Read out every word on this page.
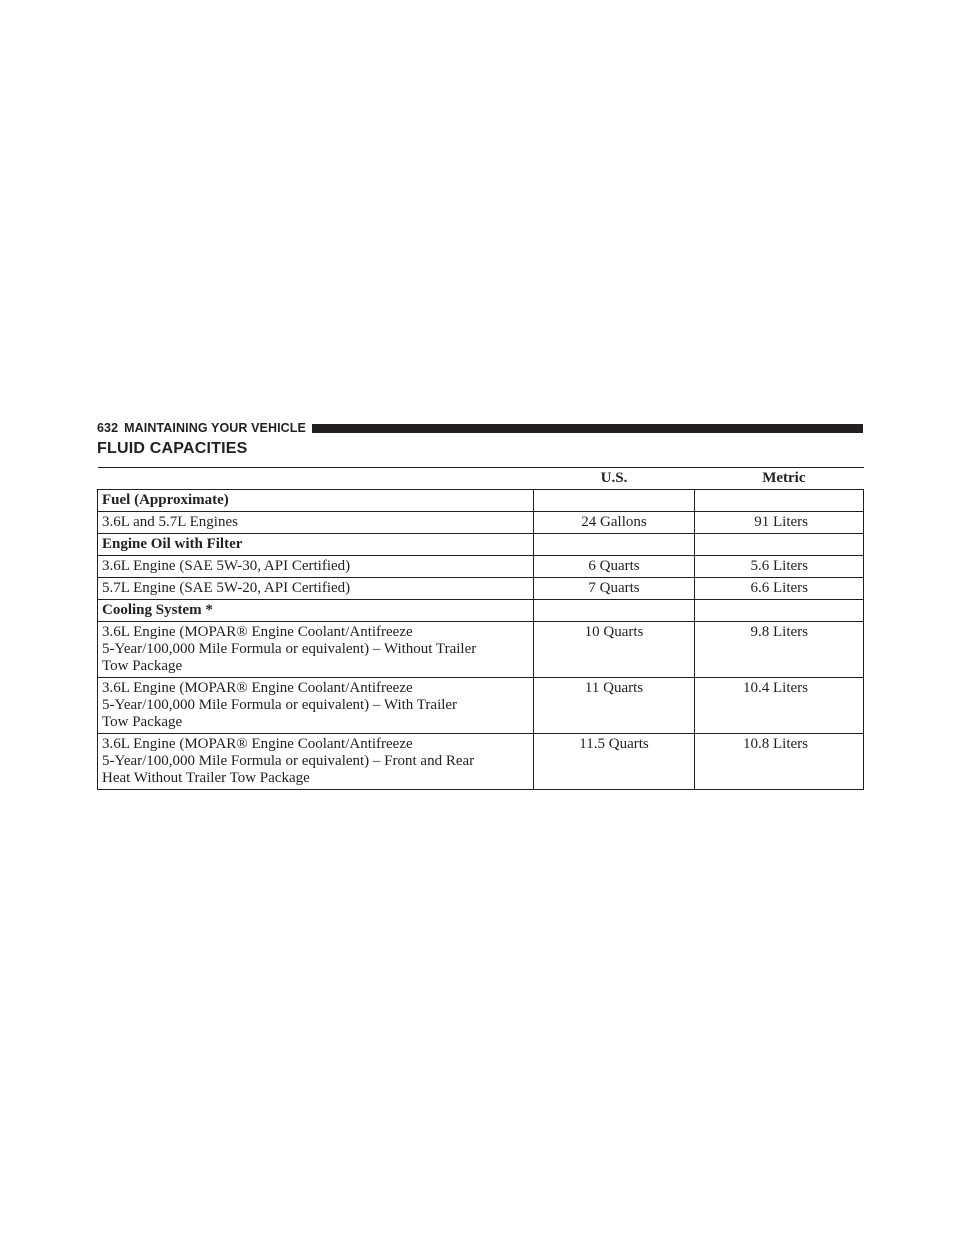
632 MAINTAINING YOUR VEHICLE
FLUID CAPACITIES
	U.S.	Metric
Fuel (Approximate)		
3.6L and 5.7L Engines	24 Gallons	91 Liters
Engine Oil with Filter		
3.6L Engine (SAE 5W-30, API Certified)	6 Quarts	5.6 Liters
5.7L Engine (SAE 5W-20, API Certified)	7 Quarts	6.6 Liters
Cooling System *		

3.6L Engine (MOPAR® Engine Coolant/Antifreeze
5-Year/100,000 Mile Formula or equivalent) – Without Trailer
Tow Package	10 Quarts	9.8 Liters

3.6L Engine (MOPAR® Engine Coolant/Antifreeze
5-Year/100,000 Mile Formula or equivalent) – With Trailer
Tow Package	11 Quarts	10.4 Liters

3.6L Engine (MOPAR® Engine Coolant/Antifreeze
5-Year/100,000 Mile Formula or equivalent) – Front and Rear
Heat Without Trailer Tow Package	11.5 Quarts	10.8 Liters
